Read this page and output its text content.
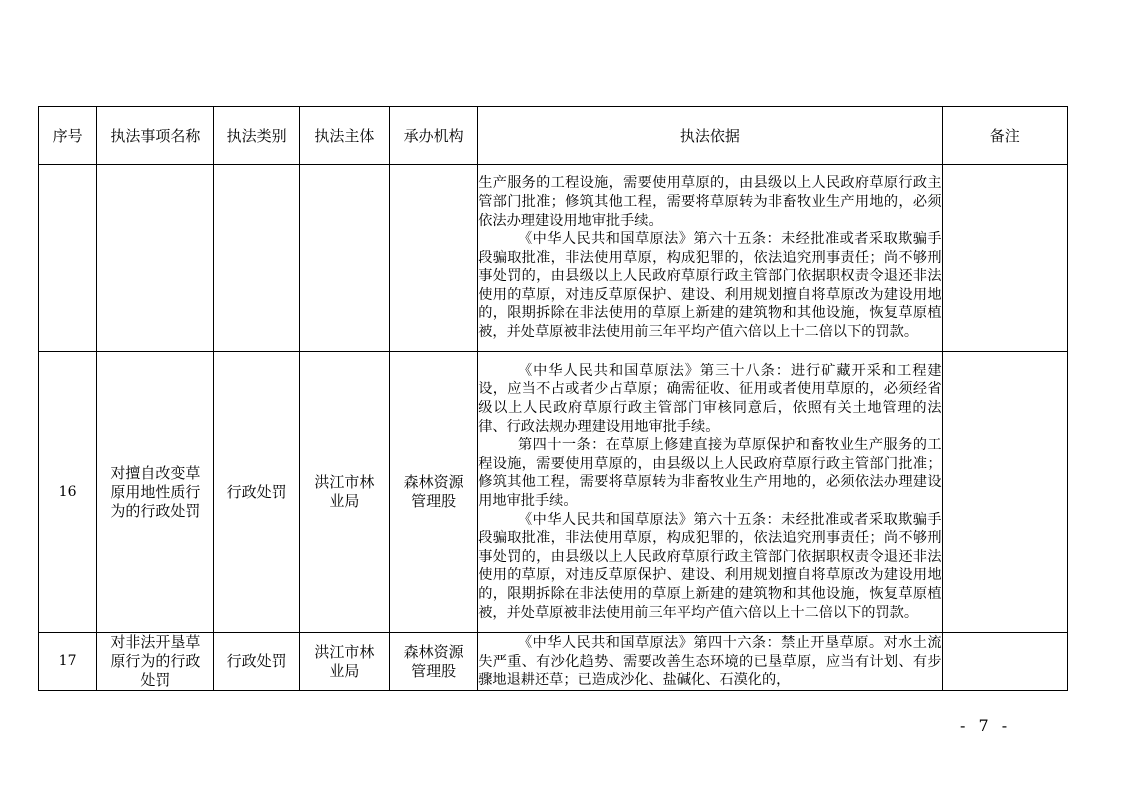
序号	执法事项名称	执法类别	执法主体	承办机构	执法依据	备注

					生产服务的工程设施，需要使用草原的，由县级以上人民政府草原行政主管部门批准；修筑其他工程，需要将草原转为非畜牧业生产用地的，必须依法办理建设用地审批手续。

《中华人民共和国草原法》第六十五条：未经批准或者采取欺骗手段骗取批准，非法使用草原，构成犯罪的，依法追究刑事责任；尚不够刑事处罚的，由县级以上人民政府草原行政主管部门依据职权责令退还非法使用的草原，对违反草原保护、建设、利用规划擅自将草原改为建设用地的，限期拆除在非法使用的草原上新建的建筑物和其他设施，恢复草原植被，并处草原被非法使用前三年平均产值六倍以上十二倍以下的罚款。	

16	对擅自改变草原用地性质行为的行政处罚	行政处罚	洪江市林业局	森林资源管理股	《中华人民共和国草原法》第三十八条：进行矿藏开采和工程建设，应当不占或者少占草原；确需征收、征用或者使用草原的，必须经省级以上人民政府草原行政主管部门审核同意后，依照有关土地管理的法律、行政法规办理建设用地审批手续。

第四十一条：在草原上修建直接为草原保护和畜牧业生产服务的工程设施，需要使用草原的，由县级以上人民政府草原行政主管部门批准；修筑其他工程，需要将草原转为非畜牧业生产用地的，必须依法办理建设用地审批手续。

《中华人民共和国草原法》第六十五条：未经批准或者采取欺骗手段骗取批准，非法使用草原，构成犯罪的，依法追究刑事责任；尚不够刑事处罚的，由县级以上人民政府草原行政主管部门依据职权责令退还非法使用的草原，对违反草原保护、建设、利用规划擅自将草原改为建设用地的，限期拆除在非法使用的草原上新建的建筑物和其他设施，恢复草原植被，并处草原被非法使用前三年平均产值六倍以上十二倍以下的罚款。	

17	对非法开垦草原行为的行政处罚	行政处罚	洪江市林业局	森林资源管理股	《中华人民共和国草原法》第四十六条：禁止开垦草原。对水土流失严重、有沙化趋势、需要改善生态环境的已垦草原，应当有计划、有步骤地退耕还草；已造成沙化、盐碱化、石漠化的，	

- 7 -
